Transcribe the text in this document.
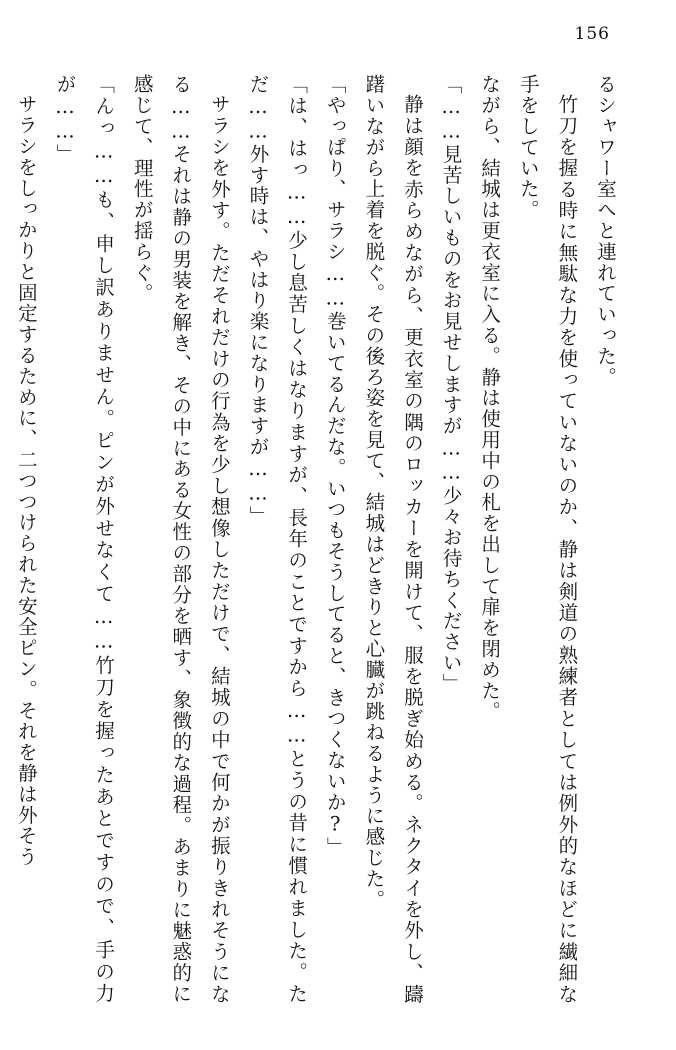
156

るシャワー室へと連れていった。

竹刀を握る時に無駄な力を使っていないのか、静は剣道の熟練者としては例外的なほどに繊細な手をしていた。

ながら、結城は更衣室に入る。静は使用中の札を出して扉を閉めた。

「……見苦しいものをお見せしますが……少々お待ちください」

静は顔を赤らめながら、更衣室の隅のロッカーを開けて、服を脱ぎ始める。ネクタイを外し、躊躇いながら上着を脱ぐ。その後ろ姿を見て、結城はどきりと心臓が跳ねるように感じた。

「やっぱり、サラシ……巻いてるんだな。いつもそうしてると、きつくないか?」

「は、はっ……少し息苦しくはなりますが、長年のことですから……とうの昔に慣れました。ただ……外す時は、やはり楽になりますが……」

サラシを外す。ただそれだけの行為を少し想像しただけで、結城の中で何かが振りきれそうになる……それは静の男装を解き、その中にある女性の部分を晒す、象徴的な過程。あまりに魅惑的に感じて、理性が揺らぐ。

「んっ……も、申し訳ありません。ピンが外せなくて……竹刀を握ったあとですので、手の力が……」

サラシをしっかりと固定するために、二つつけられた安全ピン。それを静は外そう
